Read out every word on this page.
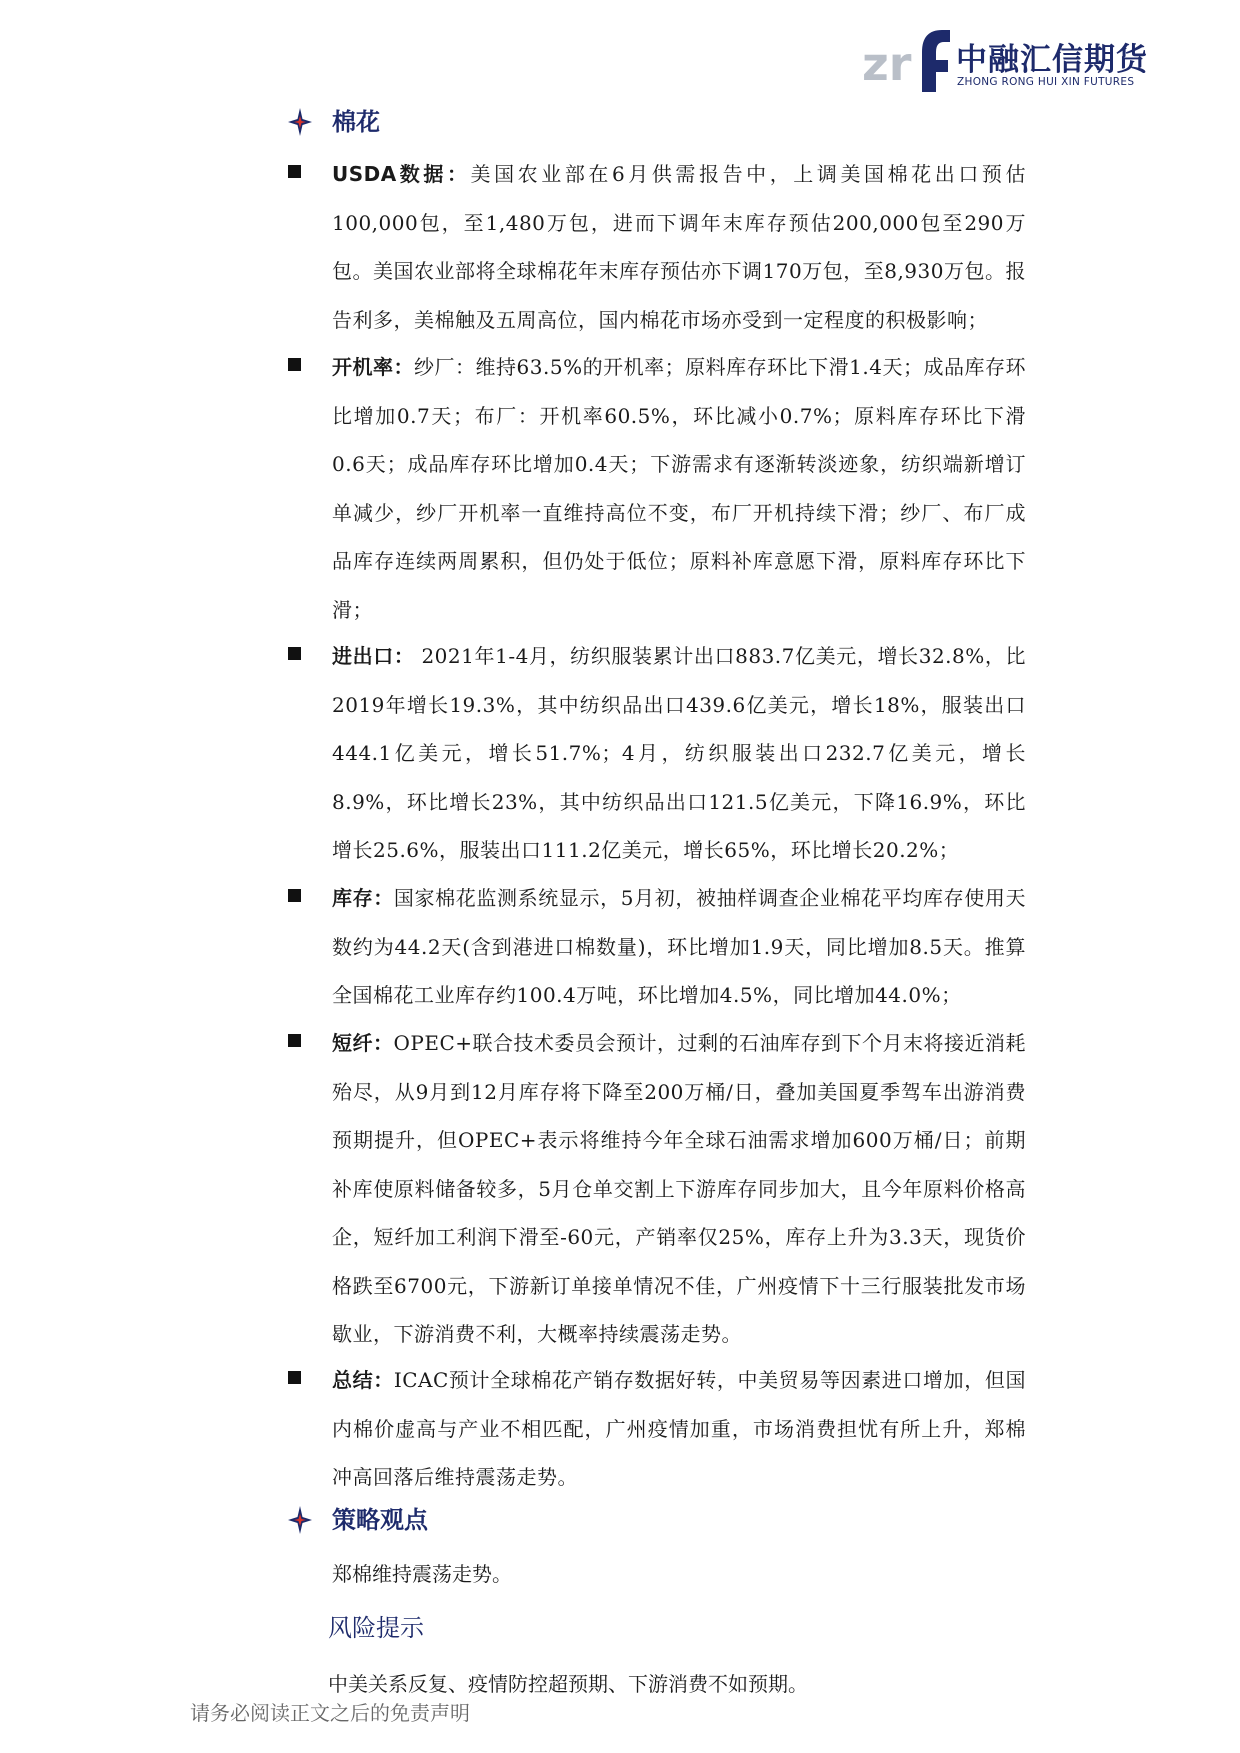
zr 中融汇信期货
ZHONG RONG HUI XIN FUTURES
棉花
USDA数据：美国农业部在6月供需报告中，上调美国棉花出口预估100,000包，至1,480万包，进而下调年末库存预估200,000包至290万包。美国农业部将全球棉花年末库存预估亦下调170万包，至8,930万包。报告利多，美棉触及五周高位，国内棉花市场亦受到一定程度的积极影响；
开机率：纱厂：维持63.5%的开机率；原料库存环比下滑1.4天；成品库存环比增加0.7天；布厂：开机率60.5%，环比减小0.7%；原料库存环比下滑0.6天；成品库存环比增加0.4天；下游需求有逐渐转淡迹象，纺织端新增订单减少，纱厂开机率一直维持高位不变，布厂开机持续下滑；纱厂、布厂成品库存连续两周累积，但仍处于低位；原料补库意愿下滑，原料库存环比下滑；
进出口： 2021年1-4月，纺织服装累计出口883.7亿美元，增长32.8%，比2019年增长19.3%，其中纺织品出口439.6亿美元，增长18%，服装出口444.1亿美元，增长51.7%；4月，纺织服装出口232.7亿美元，增长8.9%，环比增长23%，其中纺织品出口121.5亿美元，下降16.9%，环比增长25.6%，服装出口111.2亿美元，增长65%，环比增长20.2%；
库存：国家棉花监测系统显示，5月初，被抽样调查企业棉花平均库存使用天数约为44.2天(含到港进口棉数量)，环比增加1.9天，同比增加8.5天。推算全国棉花工业库存约100.4万吨，环比增加4.5%，同比增加44.0%；
短纤：OPEC+联合技术委员会预计，过剩的石油库存到下个月末将接近消耗殆尽，从9月到12月库存将下降至200万桶/日，叠加美国夏季驾车出游消费预期提升，但OPEC+表示将维持今年全球石油需求增加600万桶/日；前期补库使原料储备较多，5月仓单交割上下游库存同步加大，且今年原料价格高企，短纤加工利润下滑至-60元，产销率仅25%，库存上升为3.3天，现货价格跌至6700元，下游新订单接单情况不佳，广州疫情下十三行服装批发市场歇业，下游消费不利，大概率持续震荡走势。
总结：ICAC预计全球棉花产销存数据好转，中美贸易等因素进口增加，但国内棉价虚高与产业不相匹配，广州疫情加重，市场消费担忧有所上升，郑棉冲高回落后维持震荡走势。
策略观点
郑棉维持震荡走势。
风险提示
中美关系反复、疫情防控超预期、下游消费不如预期。
请务必阅读正文之后的免责声明
